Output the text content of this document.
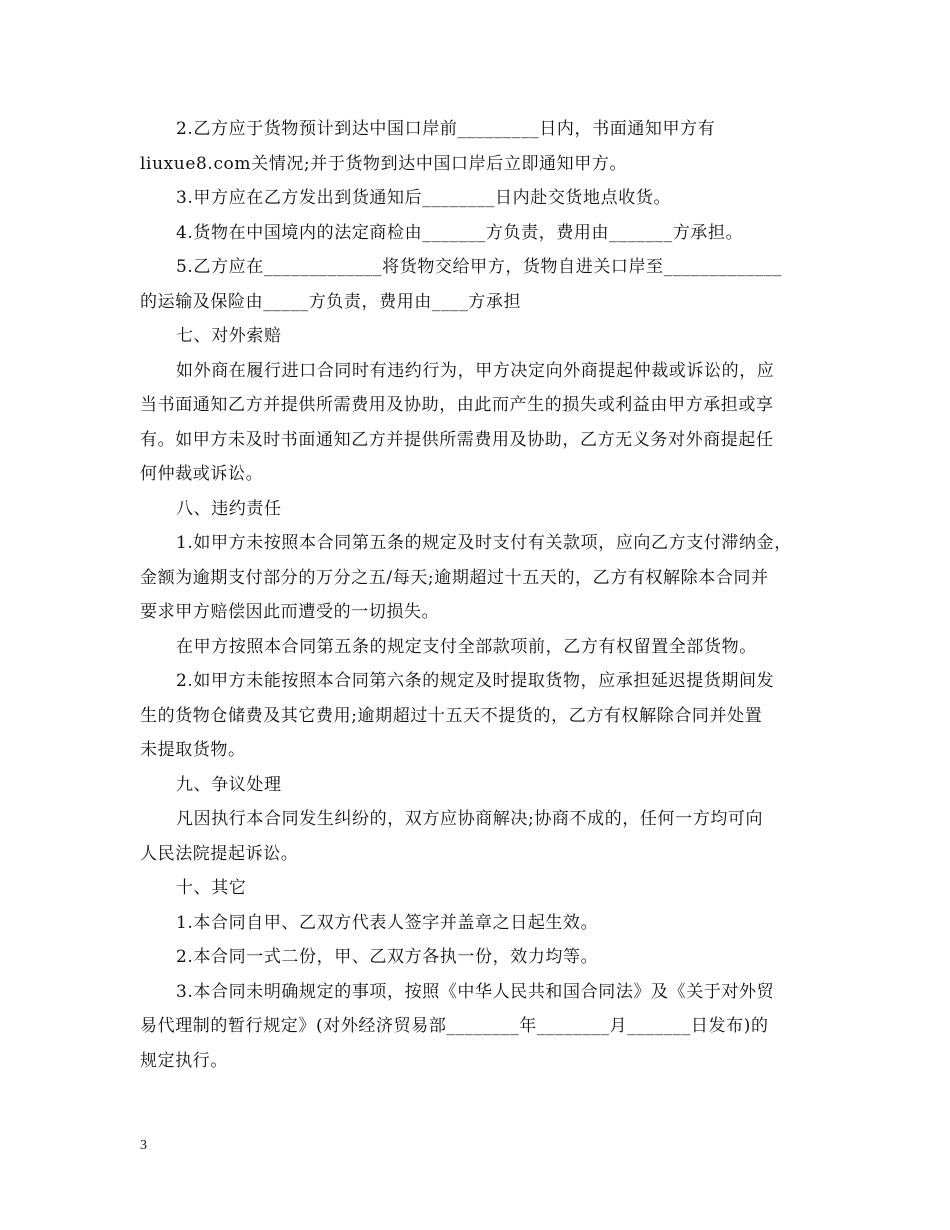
2.乙方应于货物预计到达中国口岸前_________日内，书面通知甲方有

liuxue8.com关情况;并于货物到达中国口岸后立即通知甲方。

3.甲方应在乙方发出到货通知后________日内赴交货地点收货。

4.货物在中国境内的法定商检由_______方负责，费用由_______方承担。

5.乙方应在_____________将货物交给甲方，货物自进关口岸至_____________

的运输及保险由_____方负责，费用由____方承担

七、对外索赔

如外商在履行进口合同时有违约行为，甲方决定向外商提起仲裁或诉讼的，应

当书面通知乙方并提供所需费用及协助，由此而产生的损失或利益由甲方承担或享

有。如甲方未及时书面通知乙方并提供所需费用及协助，乙方无义务对外商提起任

何仲裁或诉讼。

八、违约责任

1.如甲方未按照本合同第五条的规定及时支付有关款项，应向乙方支付滞纳金，

金额为逾期支付部分的万分之五/每天;逾期超过十五天的，乙方有权解除本合同并

要求甲方赔偿因此而遭受的一切损失。

在甲方按照本合同第五条的规定支付全部款项前，乙方有权留置全部货物。

2.如甲方未能按照本合同第六条的规定及时提取货物，应承担延迟提货期间发

生的货物仓储费及其它费用;逾期超过十五天不提货的，乙方有权解除合同并处置

未提取货物。

九、争议处理

凡因执行本合同发生纠纷的，双方应协商解决;协商不成的，任何一方均可向

人民法院提起诉讼。

十、其它

1.本合同自甲、乙双方代表人签字并盖章之日起生效。

2.本合同一式二份，甲、乙双方各执一份，效力均等。

3.本合同未明确规定的事项，按照《中华人民共和国合同法》及《关于对外贸

易代理制的暂行规定》(对外经济贸易部________年________月_______日发布)的

规定执行。

3
